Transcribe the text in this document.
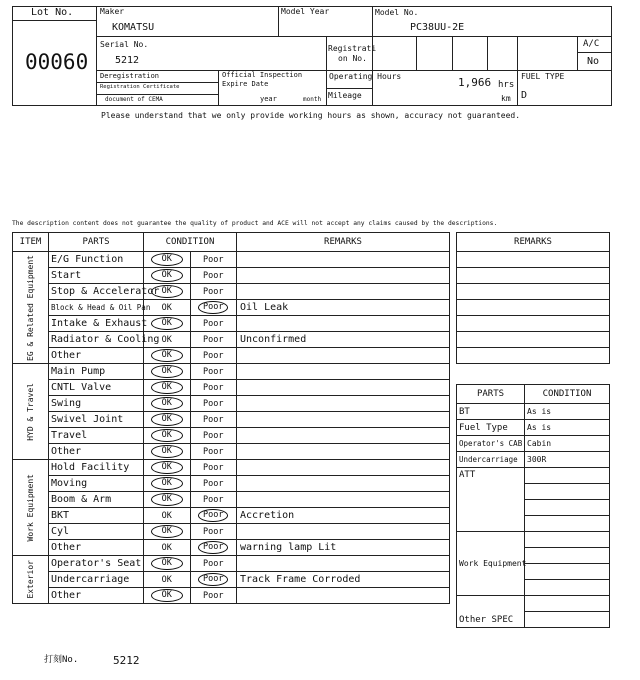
Lot No.
00060
Maker
KOMATSU
Model Year	Model No.
PC38UU-2E
Serial No.
5212
Registrati
on No.
A/C
No
Deregistration
Registration Certificate
document of CEMA
Official Inspection
Expire Date
year	month
Operating Hours	1,966 hrs
Mileage	km
FUEL TYPE
D
Please understand that we only provide working hours as shown, accuracy not guaranteed.
The description content does not guarantee the quality of product and ACE will not accept any claims caused by the descriptions.
ITEM	PARTS	CONDITION	REMARKS

EG & Related Equipment	E/G Function	OK Poor	

	Start	OK Poor	

	Stop & Accelerator	OK Poor	

	Block & Head & Oil Pan	OK Poor	Oil Leak
	Intake & Exhaust	OK Poor	

	Radiator & Cooling	OK Poor	Unconfirmed
	Other	OK Poor	

HYD & Travel	Main Pump	OK Poor	

	CNTL Valve	OK Poor	

	Swing	OK Poor	

	Swivel Joint	OK Poor	

	Travel	OK Poor	

	Other	OK Poor	

Work Equipment	Hold Facility	OK Poor	

	Moving	OK Poor	

	Boom & Arm	OK Poor	

	BKT	OK Poor	Accretion
	Cyl	OK Poor	

	Other	OK Poor	warning lamp Lit

Exterior	Operator's Seat	OK Poor	

	Undercarriage	OK Poor	Track Frame Corroded
	Other	OK Poor	

REMARKS

PARTS	CONDITION
BT	As is
Fuel Type	As is
Operator's CAB	Cabin
Undercarriage	300R
ATT	

Work Equipment	

Other SPEC	

打刻No.	5212
